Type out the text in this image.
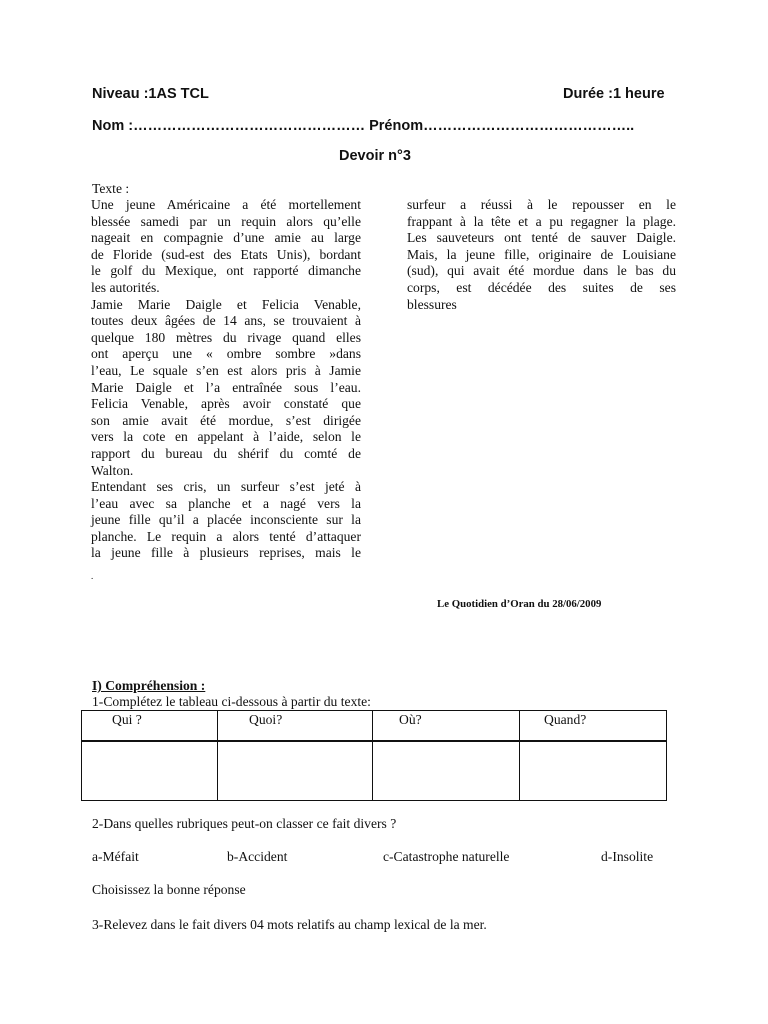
Niveau :1AS TCL	Durée :1 heure
Nom :………………………………………… Prénom……………………………………..
Devoir n°3
Texte :
Une jeune Américaine a été mortellement
blessée samedi par un requin alors qu’elle
nageait en compagnie d’une amie au large
de Floride (sud-est des Etats Unis), bordant
le golf du Mexique, ont rapporté dimanche
les autorités.
Jamie Marie Daigle et Felicia Venable,
toutes deux âgées de 14 ans, se trouvaient à
quelque 180 mètres du rivage quand elles
ont aperçu une « ombre sombre »dans
l’eau, Le squale s’en est alors pris à Jamie
Marie Daigle et l’a entraînée sous l’eau.
Felicia Venable, après avoir constaté que
son amie avait été mordue, s’est dirigée
vers la cote en appelant à l’aide, selon le
rapport du bureau du shérif du comté de
Walton.
Entendant ses cris, un surfeur s’est jeté à
l’eau avec sa planche et a nagé vers la
jeune fille qu’il a placée inconsciente sur la
planche. Le requin a alors tenté d’attaquer
la jeune fille à plusieurs reprises, mais le
.
surfeur a réussi à le repousser en le
frappant à la tête et a pu regagner la plage.
Les sauveteurs ont tenté de sauver Daigle.
Mais, la jeune fille, originaire de Louisiane
(sud), qui avait été mordue dans le bas du
corps, est décédée des suites de ses
blessures
Le Quotidien d’Oran du 28/06/2009
I) Compréhension :
1-Complétez le tableau ci-dessous à partir du texte:
Qui ?	Quoi?	Où?	Quand?

2-Dans quelles rubriques peut-on classer ce fait divers ?
a-Méfait	b-Accident	c-Catastrophe naturelle	d-Insolite
Choisissez la bonne réponse
3-Relevez dans le fait divers 04 mots relatifs au champ lexical de la mer.
